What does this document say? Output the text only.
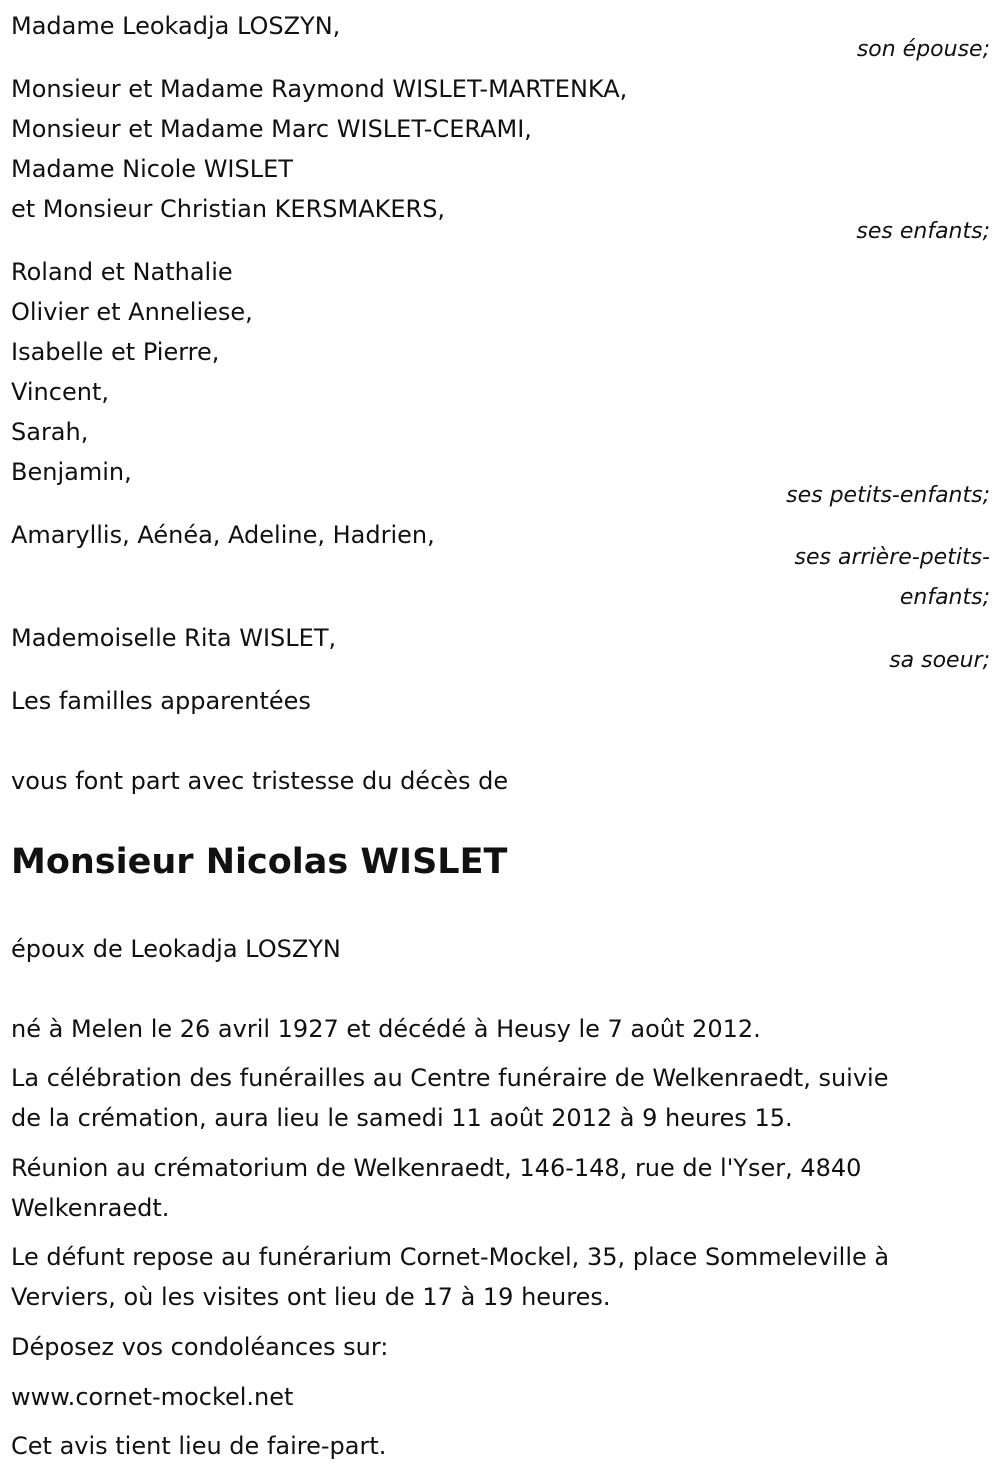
Madame Leokadja LOSZYN,
son épouse;
Monsieur et Madame Raymond WISLET-MARTENKA,
Monsieur et Madame Marc WISLET-CERAMI,
Madame Nicole WISLET
et Monsieur Christian KERSMAKERS,
ses enfants;
Roland et Nathalie
Olivier et Anneliese,
Isabelle et Pierre,
Vincent,
Sarah,
Benjamin,
ses petits-enfants;
Amaryllis, Aénéa, Adeline, Hadrien,
ses arrière-petits-
enfants;
Mademoiselle Rita WISLET,
sa soeur;
Les familles apparentées
vous font part avec tristesse du décès de
Monsieur Nicolas WISLET
époux de Leokadja LOSZYN
né à Melen le 26 avril 1927 et décédé à Heusy le 7 août 2012.
La célébration des funérailles au Centre funéraire de Welkenraedt, suivie
de la crémation, aura lieu le samedi 11 août 2012 à 9 heures 15.
Réunion au crématorium de Welkenraedt, 146-148, rue de l'Yser, 4840
Welkenraedt.
Le défunt repose au funérarium Cornet-Mockel, 35, place Sommeleville à
Verviers, où les visites ont lieu de 17 à 19 heures.
Déposez vos condoléances sur:
www.cornet-mockel.net
Cet avis tient lieu de faire-part.
